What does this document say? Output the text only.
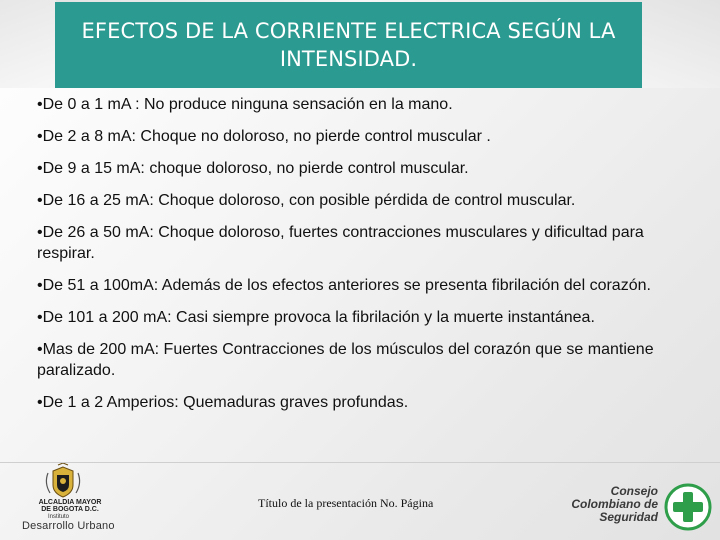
EFECTOS DE LA CORRIENTE ELECTRICA SEGÚN LA INTENSIDAD.
•De 0 a 1 mA : No produce ninguna sensación en la mano.
•De 2 a 8 mA: Choque no doloroso, no pierde control muscular .
•De 9 a 15 mA: choque doloroso, no pierde control muscular.
•De 16 a 25 mA: Choque doloroso, con posible pérdida de control muscular.
•De 26 a 50 mA: Choque doloroso, fuertes contracciones musculares y dificultad para respirar.
•De 51 a 100mA: Además de los efectos anteriores se presenta fibrilación del corazón.
•De 101 a 200 mA: Casi siempre provoca la fibrilación y la muerte instantánea.
•Mas de 200 mA: Fuertes Contracciones de los músculos del corazón que se mantiene paralizado.
•De 1 a 2 Amperios: Quemaduras graves profundas.
ALCALDIA MAYOR
DE BOGOTA D.C.
Instituto
Desarrollo Urbano
Título de la presentación No. Página
Consejo
Colombiano de
Seguridad
